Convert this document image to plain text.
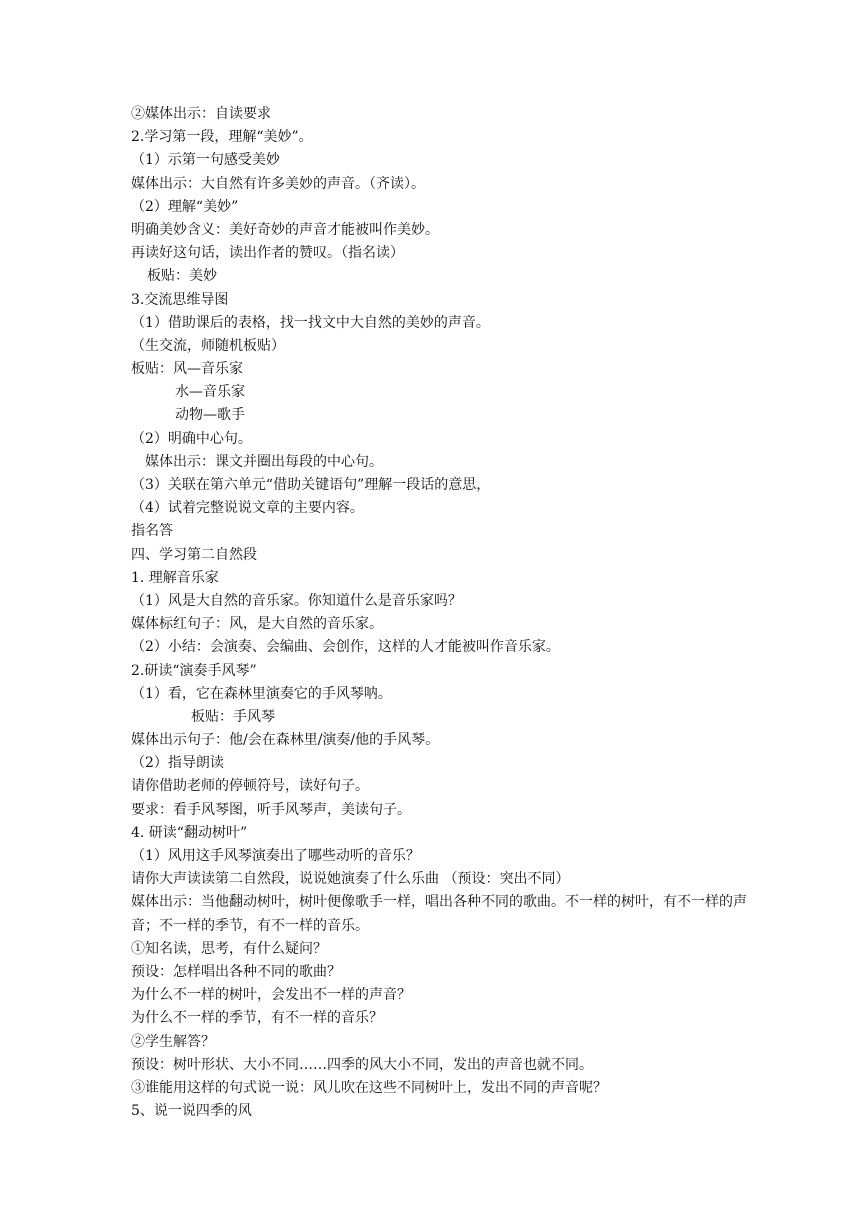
②媒体出示：自读要求
2.学习第一段，理解“美妙”。
（1）示第一句感受美妙
媒体出示：大自然有许多美妙的声音。（齐读）。
（2）理解“美妙”
明确美妙含义：美好奇妙的声音才能被叫作美妙。
再读好这句话，读出作者的赞叹。（指名读）
板贴：美妙
3.交流思维导图
（1）借助课后的表格，找一找文中大自然的美妙的声音。
（生交流，师随机板贴）
板贴：风—音乐家
水—音乐家
动物—歌手
（2）明确中心句。
媒体出示：课文并圈出每段的中心句。
（3）关联在第六单元“借助关键语句”理解一段话的意思，
（4）试着完整说说文章的主要内容。
指名答
四、学习第二自然段
1. 理解音乐家
（1）风是大自然的音乐家。你知道什么是音乐家吗？
媒体标红句子：风，是大自然的音乐家。
（2）小结：会演奏、会编曲、会创作，这样的人才能被叫作音乐家。
2.研读“演奏手风琴”
（1）看，它在森林里演奏它的手风琴呐。
板贴：手风琴
媒体出示句子：他/会在森林里/演奏/他的手风琴。
（2）指导朗读
请你借助老师的停顿符号，读好句子。
要求：看手风琴图，听手风琴声，美读句子。
4. 研读“翻动树叶”
（1）风用这手风琴演奏出了哪些动听的音乐？
请你大声读读第二自然段，说说她演奏了什么乐曲 （预设：突出不同）
媒体出示：当他翻动树叶，树叶便像歌手一样，唱出各种不同的歌曲。不一样的树叶，有不一样的声音；不一样的季节，有不一样的音乐。
①知名读，思考，有什么疑问？
预设：怎样唱出各种不同的歌曲？
为什么不一样的树叶，会发出不一样的声音？
为什么不一样的季节，有不一样的音乐？
②学生解答？
预设：树叶形状、大小不同……四季的风大小不同，发出的声音也就不同。
③谁能用这样的句式说一说：风儿吹在这些不同树叶上，发出不同的声音呢？
5、说一说四季的风
